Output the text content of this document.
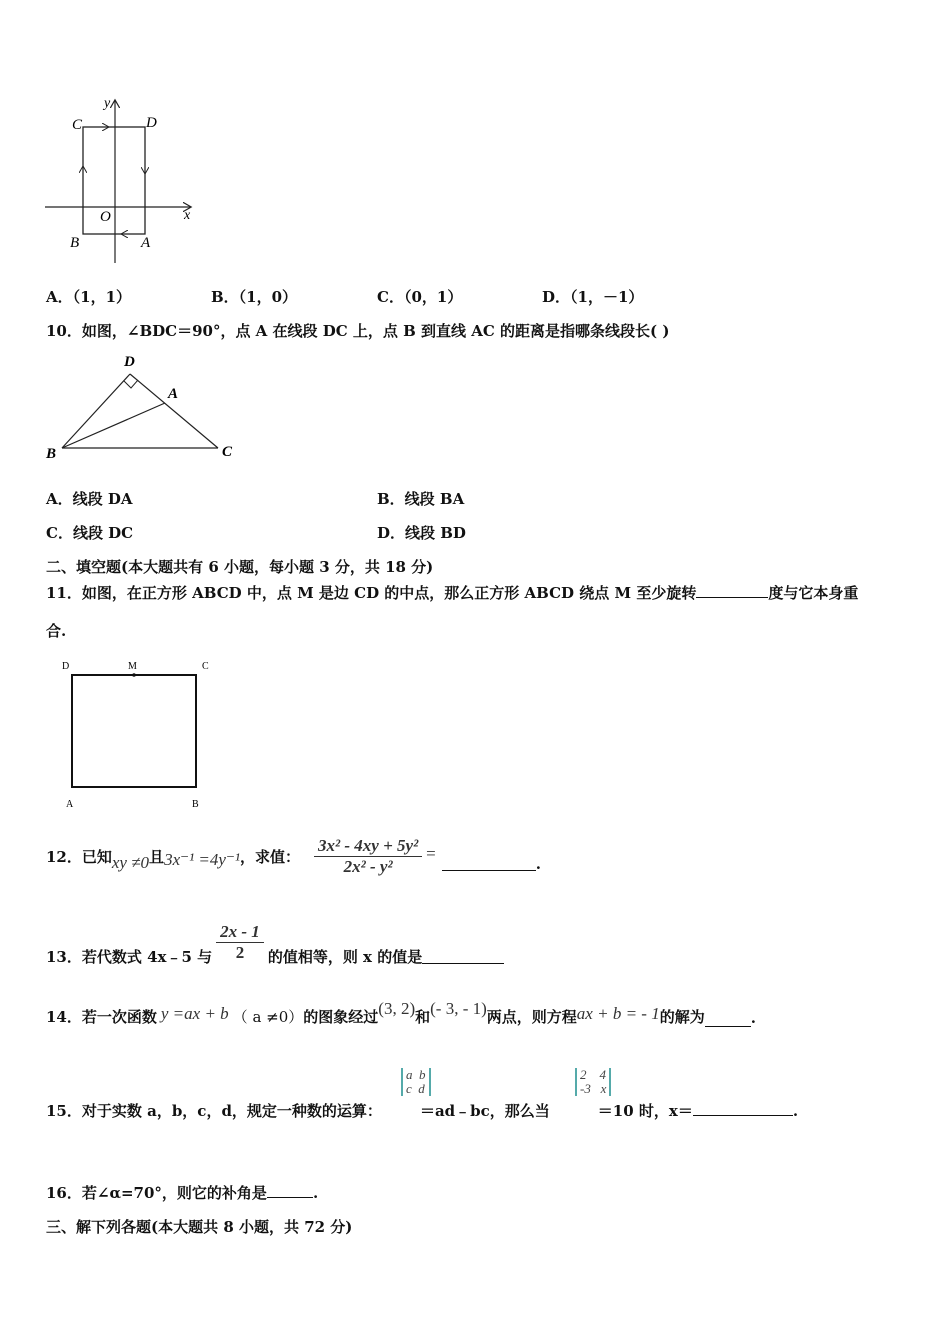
y
x
C	D
O
B	A
A．（1，1）	B．（1，0）	C．（0，1）	D．（1，－1）
10．如图，∠BDC＝90°，点 A 在线段 DC 上，点 B 到直线 AC 的距离是指哪条线段长( )
D
A
B	C
A．线段 DA	B．线段 BA
C．线段 DC	D．线段 BD
二、填空题(本大题共有 6 小题，每小题 3 分，共 18 分)
11．如图，在正方形 ABCD 中，点 M 是边 CD 的中点，那么正方形 ABCD 绕点 M 至少旋转	度与它本身重
合.
D	M	C
A	B
12．已知 xy ≠0 且 3x⁻¹ =4y⁻¹ ，求值： $\frac{\text{3x² - 4xy + 5y²}}{\text{2x² - y²}}$ =
.
13．若代数式 4x﹣5 与 $\frac{2x - 1}{2}$ 的值相等，则 x 的值是
14．若一次函数 y =ax + b （ a ≠0） 的图象经过 (3, 2) 和 (- 3, - 1) 两点，则方程 ax + b = - 1 的解为	.
a  b
c  d
2    4
-3   x
15．对于实数 a，b，c，d，规定一种数的运算：	＝ad﹣bc，那么当	＝10 时，x＝	.
16．若∠α=70°，则它的补角是	.
三、解下列各题(本大题共 8 小题，共 72 分)
